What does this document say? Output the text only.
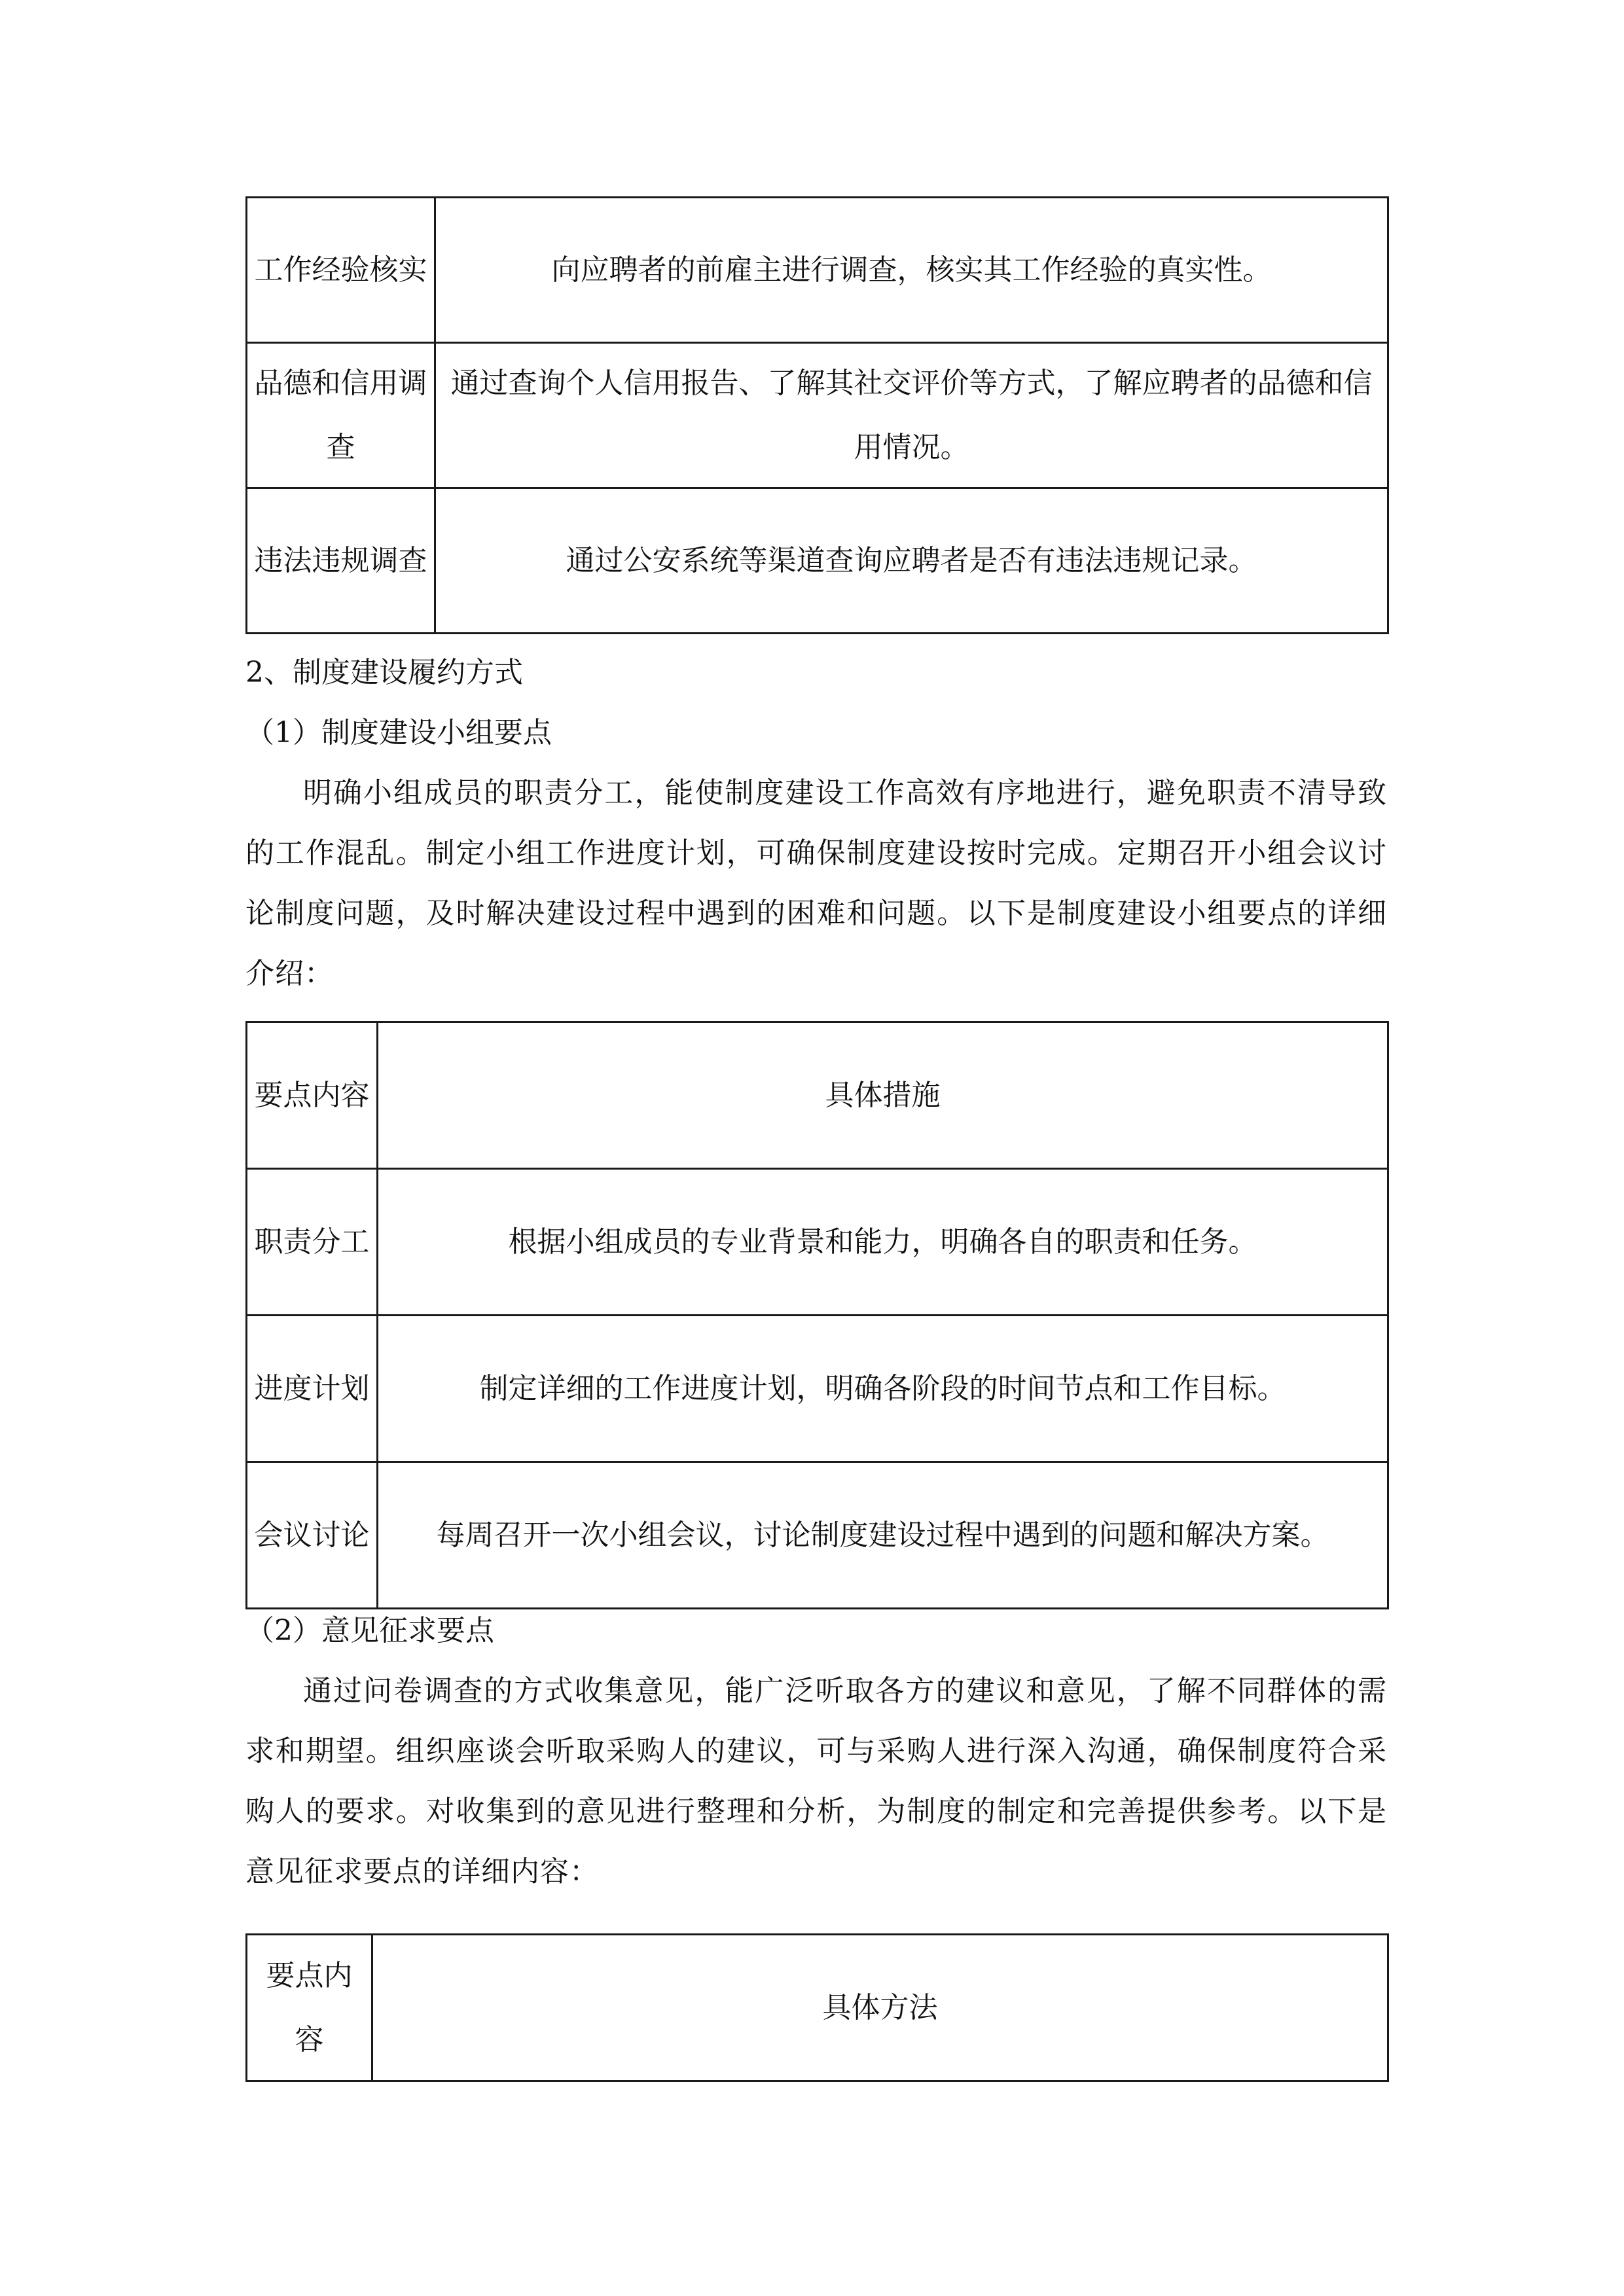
工作经验核实	向应聘者的前雇主进行调查，核实其工作经验的真实性。
品德和信用调查	通过查询个人信用报告、了解其社交评价等方式，了解应聘者的品德和信用情况。
违法违规调查	通过公安系统等渠道查询应聘者是否有违法违规记录。
2、制度建设履约方式
（1）制度建设小组要点
明确小组成员的职责分工，能使制度建设工作高效有序地进行，避免职责不清导致的工作混乱。制定小组工作进度计划，可确保制度建设按时完成。定期召开小组会议讨论制度问题，及时解决建设过程中遇到的困难和问题。以下是制度建设小组要点的详细介绍：
要点内容	具体措施
职责分工	根据小组成员的专业背景和能力，明确各自的职责和任务。
进度计划	制定详细的工作进度计划，明确各阶段的时间节点和工作目标。
会议讨论	每周召开一次小组会议，讨论制度建设过程中遇到的问题和解决方案。
（2）意见征求要点
通过问卷调查的方式收集意见，能广泛听取各方的建议和意见，了解不同群体的需求和期望。组织座谈会听取采购人的建议，可与采购人进行深入沟通，确保制度符合采购人的要求。对收集到的意见进行整理和分析，为制度的制定和完善提供参考。以下是意见征求要点的详细内容：
要点内容	具体方法
